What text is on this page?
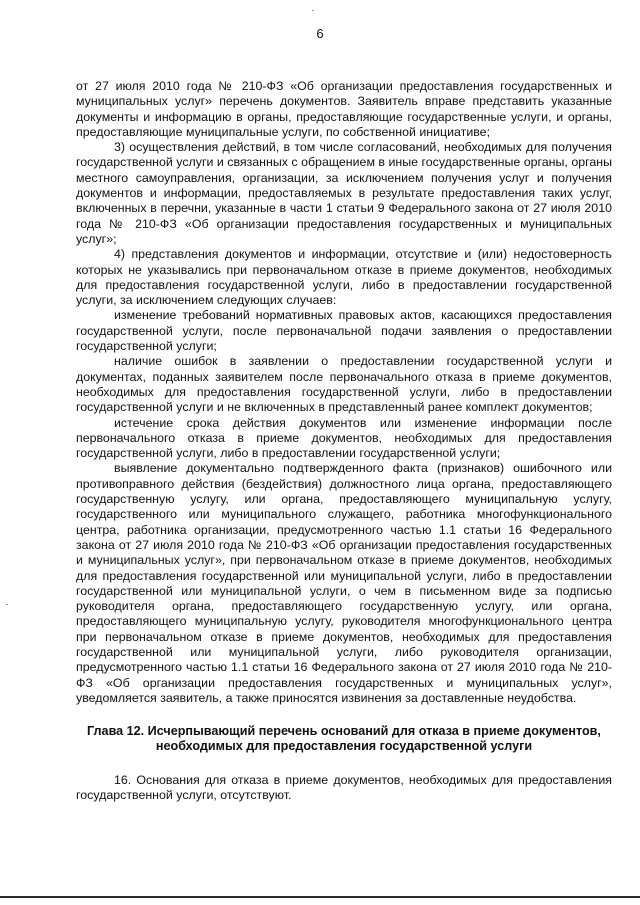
6

от 27 июля 2010 года № 210-ФЗ «Об организации предоставления государственных и муниципальных услуг» перечень документов. Заявитель вправе представить указанные документы и информацию в органы, предоставляющие государственные услуги, и органы, предоставляющие муниципальные услуги, по собственной инициативе;

3) осуществления действий, в том числе согласований, необходимых для получения государственной услуги и связанных с обращением в иные государственные органы, органы местного самоуправления, организации, за исключением получения услуг и получения документов и информации, предоставляемых в результате предоставления таких услуг, включенных в перечни, указанные в части 1 статьи 9 Федерального закона от 27 июля 2010 года № 210-ФЗ «Об организации предоставления государственных и муниципальных услуг»;

4) представления документов и информации, отсутствие и (или) недостоверность которых не указывались при первоначальном отказе в приеме документов, необходимых для предоставления государственной услуги, либо в предоставлении государственной услуги, за исключением следующих случаев:

изменение требований нормативных правовых актов, касающихся предоставления государственной услуги, после первоначальной подачи заявления о предоставлении государственной услуги;

наличие ошибок в заявлении о предоставлении государственной услуги и документах, поданных заявителем после первоначального отказа в приеме документов, необходимых для предоставления государственной услуги, либо в предоставлении государственной услуги и не включенных в представленный ранее комплект документов;

истечение срока действия документов или изменение информации после первоначального отказа в приеме документов, необходимых для предоставления государственной услуги, либо в предоставлении государственной услуги;

выявление документально подтвержденного факта (признаков) ошибочного или противоправного действия (бездействия) должностного лица органа, предоставляющего государственную услугу, или органа, предоставляющего муниципальную услугу, государственного или муниципального служащего, работника многофункционального центра, работника организации, предусмотренного частью 1.1 статьи 16 Федерального закона от 27 июля 2010 года № 210-ФЗ «Об организации предоставления государственных и муниципальных услуг», при первоначальном отказе в приеме документов, необходимых для предоставления государственной или муниципальной услуги, либо в предоставлении государственной или муниципальной услуги, о чем в письменном виде за подписью руководителя органа, предоставляющего государственную услугу, или органа, предоставляющего муниципальную услугу, руководителя многофункционального центра при первоначальном отказе в приеме документов, необходимых для предоставления государственной или муниципальной услуги, либо руководителя организации, предусмотренного частью 1.1 статьи 16 Федерального закона от 27 июля 2010 года № 210-ФЗ «Об организации предоставления государственных и муниципальных услуг», уведомляется заявитель, а также приносятся извинения за доставленные неудобства.

Глава 12. Исчерпывающий перечень оснований для отказа в приеме документов, необходимых для предоставления государственной услуги

16. Основания для отказа в приеме документов, необходимых для предоставления государственной услуги, отсутствуют.
